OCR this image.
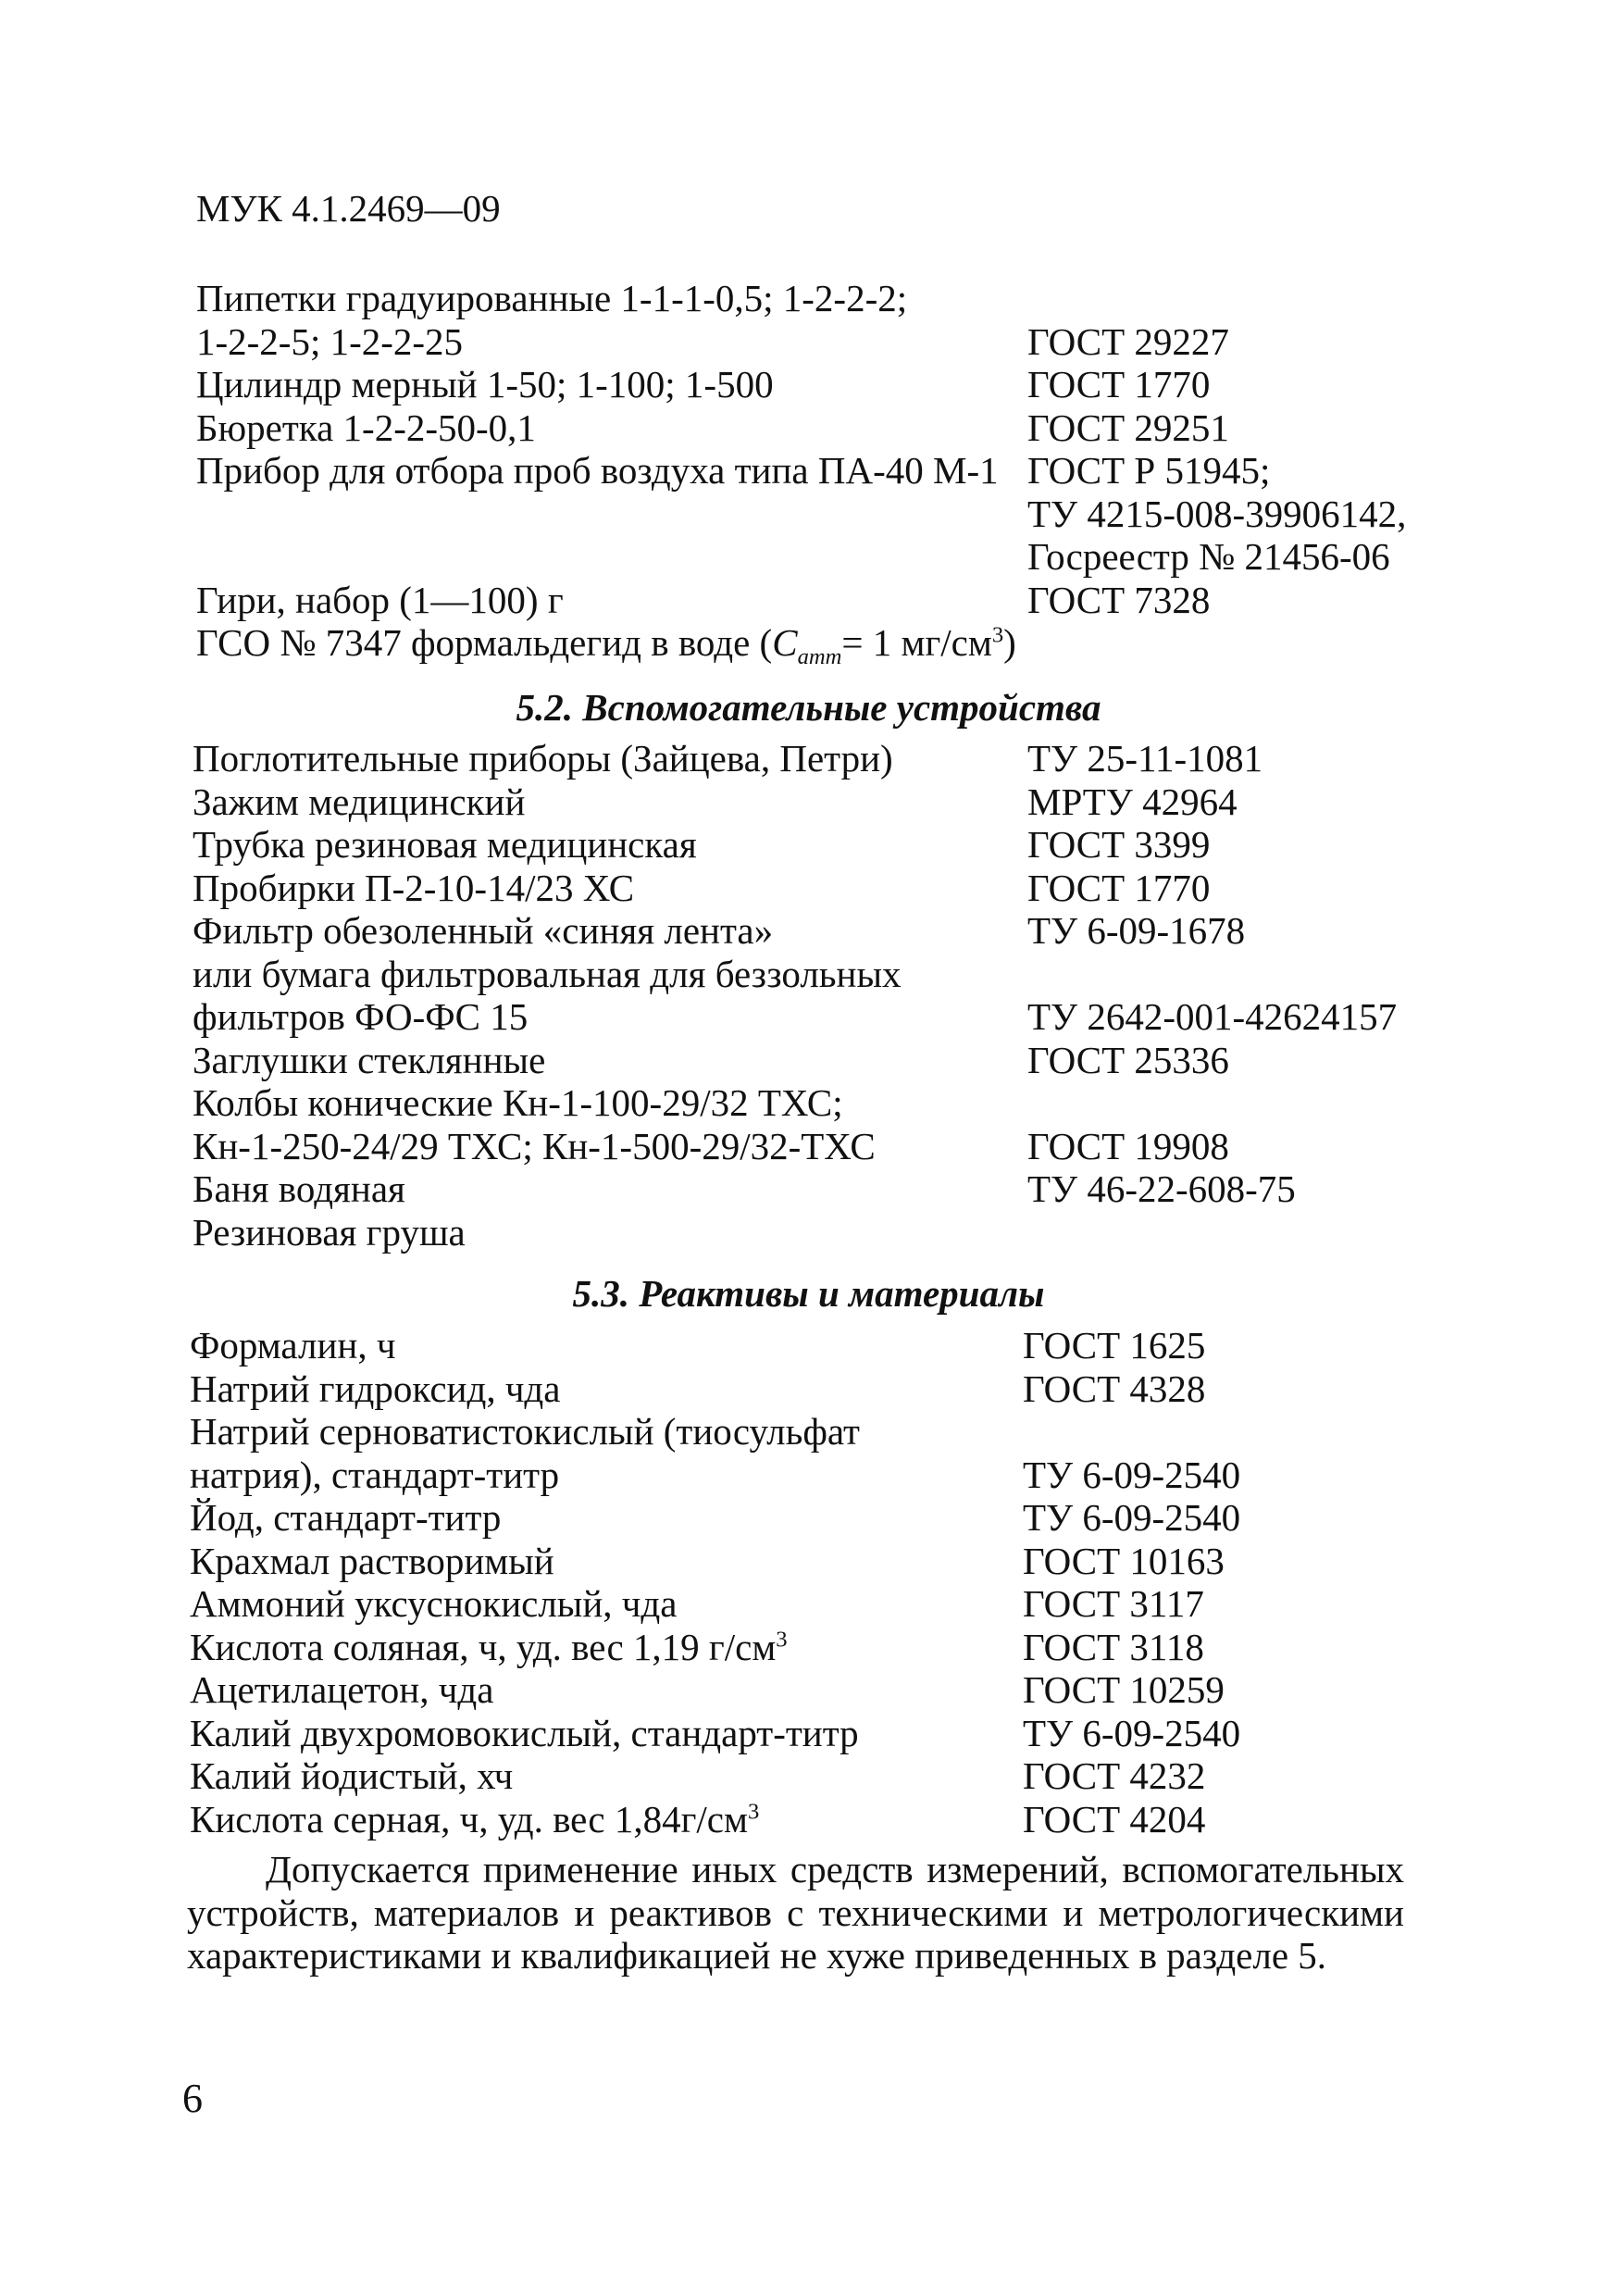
МУК 4.1.2469—09
Пипетки градуированные 1-1-1-0,5; 1-2-2-2;
1-2-2-5; 1-2-2-25	ГОСТ 29227
Цилиндр мерный 1-50; 1-100; 1-500	ГОСТ 1770
Бюретка 1-2-2-50-0,1	ГОСТ 29251
Прибор для отбора проб воздуха типа ПА-40 М-1 ГОСТ Р 51945;
ТУ 4215-008-39906142,
Госреестр № 21456-06
Гири, набор (1—100) г	ГОСТ 7328
ГСО № 7347 формальдегид в воде ($C_{атт}= 1$ $мг/см^3$)
5.2. Вспомогательные устройства
Поглотительные приборы (Зайцева, Петри)	ТУ 25-11-1081
Зажим медицинский	МРТУ 42964
Трубка резиновая медицинская	ГОСТ 3399
Пробирки П-2-10-14/23 ХС	ГОСТ 1770
Фильтр обезоленный «синяя лента»	ТУ 6-09-1678
или бумага фильтровальная для беззольных
фильтров ФО-ФС 15	ТУ 2642-001-42624157
Заглушки стеклянные	ГОСТ 25336
Колбы конические Кн-1-100-29/32 ТХС;
Кн-1-250-24/29 ТХС; Кн-1-500-29/32-ТХС	ГОСТ 19908
Баня водяная	ТУ 46-22-608-75
Резиновая груша
5.3. Реактивы и материалы
Формалин, ч	ГОСТ 1625
Натрий гидроксид, чда	ГОСТ 4328
Натрий серноватистокислый (тиосульфат
натрия), стандарт-титр	ТУ 6-09-2540
Йод, стандарт-титр	ТУ 6-09-2540
Крахмал растворимый	ГОСТ 10163
Аммоний уксуснокислый, чда	ГОСТ 3117
Кислота соляная, ч, уд. вес 1,19 $г/см^3$	ГОСТ 3118
Ацетилацетон, чда	ГОСТ 10259
Калий двухромовокислый, стандарт-титр	ТУ 6-09-2540
Калий йодистый, хч	ГОСТ 4232
Кислота серная, ч, уд. вес $1,84г/см^3$	ГОСТ 4204
Допускается применение иных средств измерений, вспомогательных устройств, материалов и реактивов с техническими и метрологическими характеристиками и квалификацией не хуже приведенных в разделе 5.
6
